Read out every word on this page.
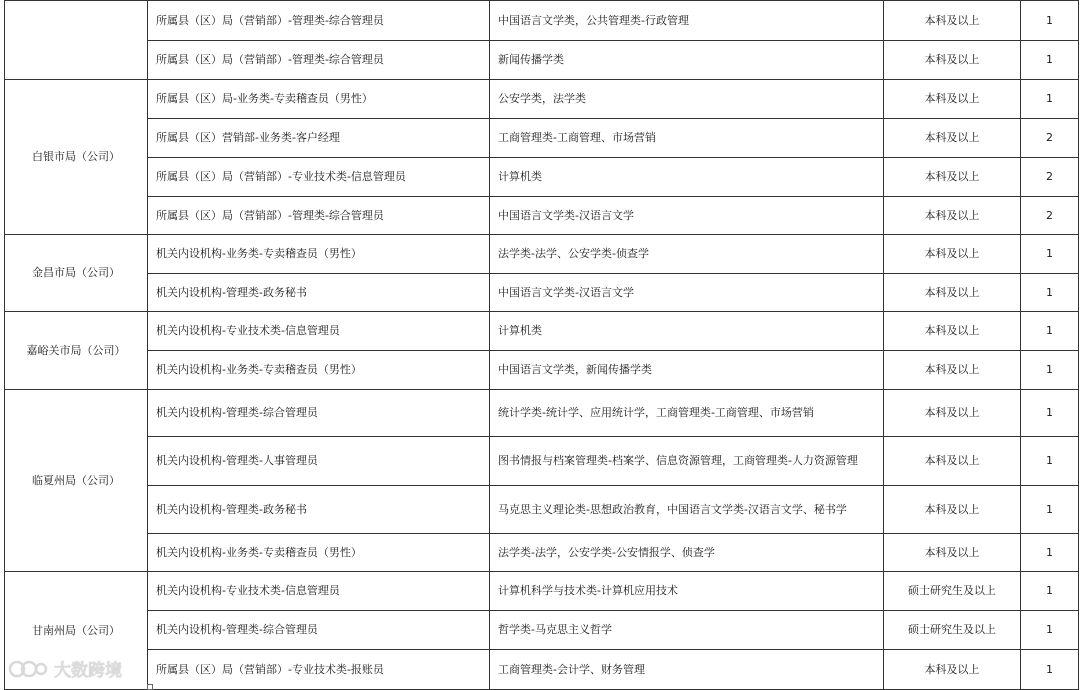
	所属县（区）局（营销部）-管理类-综合管理员	中国语言文学类，公共管理类-行政管理	本科及以上	1
	所属县（区）局（营销部）-管理类-综合管理员	新闻传播学类	本科及以上	1
白银市局（公司）	所属县（区）局-业务类-专卖稽查员（男性）	公安学类，法学类	本科及以上	1
	所属县（区）营销部-业务类-客户经理	工商管理类-工商管理、市场营销	本科及以上	2
	所属县（区）局（营销部）-专业技术类-信息管理员	计算机类	本科及以上	2
	所属县（区）局（营销部）-管理类-综合管理员	中国语言文学类-汉语言文学	本科及以上	2
金昌市局（公司）	机关内设机构-业务类-专卖稽查员（男性）	法学类-法学、公安学类-侦查学	本科及以上	1
	机关内设机构-管理类-政务秘书	中国语言文学类-汉语言文学	本科及以上	1
嘉峪关市局（公司）	机关内设机构-专业技术类-信息管理员	计算机类	本科及以上	1
	机关内设机构-业务类-专卖稽查员（男性）	中国语言文学类，新闻传播学类	本科及以上	1
临夏州局（公司）	机关内设机构-管理类-综合管理员	统计学类-统计学、应用统计学，工商管理类-工商管理、市场营销	本科及以上	1
	机关内设机构-管理类-人事管理员	图书情报与档案管理类-档案学、信息资源管理，工商管理类-人力资源管理	本科及以上	1
	机关内设机构-管理类-政务秘书	马克思主义理论类-思想政治教育，中国语言文学类-汉语言文学、秘书学	本科及以上	1
	机关内设机构-业务类-专卖稽查员（男性）	法学类-法学，公安学类-公安情报学、侦查学	本科及以上	1
甘南州局（公司）	机关内设机构-专业技术类-信息管理员	计算机科学与技术类-计算机应用技术	硕士研究生及以上	1
	机关内设机构-管理类-综合管理员	哲学类-马克思主义哲学	硕士研究生及以上	1
	所属县（区）局（营销部）-专业技术类-报账员	工商管理类-会计学、财务管理	本科及以上	1
大数跨境
